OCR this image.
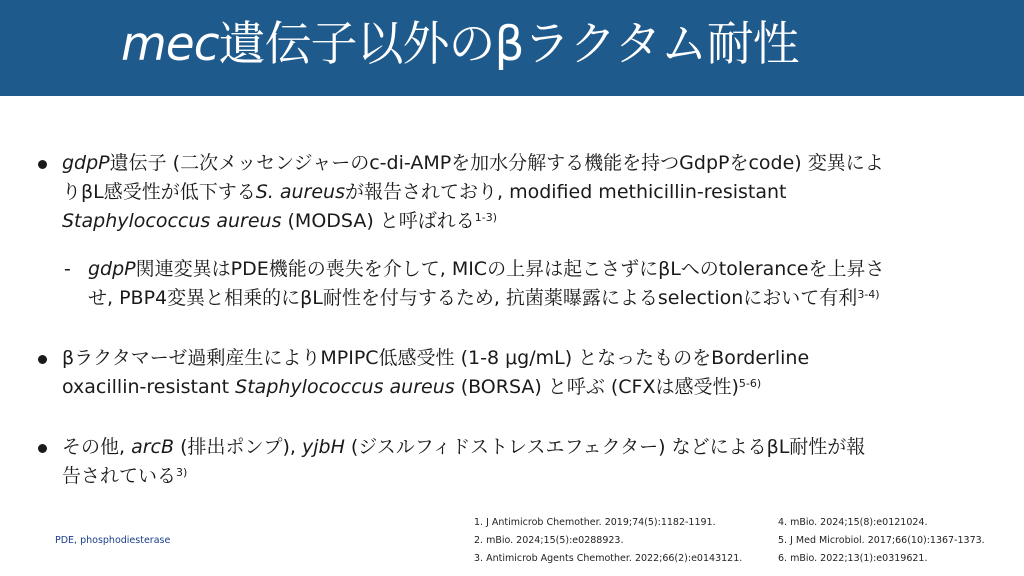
mec遺伝子以外のβラクタム耐性
gdpP遺伝子 (二次メッセンジャーのc-di-AMPを加水分解する機能を持つGdpPをcode) 変異によ
りβL感受性が低下するS. aureusが報告されており, modified methicillin-resistant
Staphylococcus aureus (MODSA) と呼ばれる$^{1-3)}$
- gdpP関連変異はPDE機能の喪失を介して, MICの上昇は起こさずにβLへのtoleranceを上昇さ
せ, PBP4変異と相乗的にβL耐性を付与するため, 抗菌薬曝露によるselectionにおいて有利$^{3-4)}$
βラクタマーゼ過剰産生によりMPIPC低感受性 (1-8 μg/mL) となったものをBorderline
oxacillin-resistant Staphylococcus aureus (BORSA) と呼ぶ (CFXは感受性)$^{5-6)}$
その他, arcB (排出ポンプ), yjbH (ジスルフィドストレスエフェクター) などによるβL耐性が報
告されている$^{3)}$
PDE, phosphodiesterase
1. J Antimicrob Chemother. 2019;74(5):1182-1191.
2. mBio. 2024;15(5):e0288923.
3. Antimicrob Agents Chemother. 2022;66(2):e0143121.
4. mBio. 2024;15(8):e0121024.
5. J Med Microbiol. 2017;66(10):1367-1373.
6. mBio. 2022;13(1):e0319621.
